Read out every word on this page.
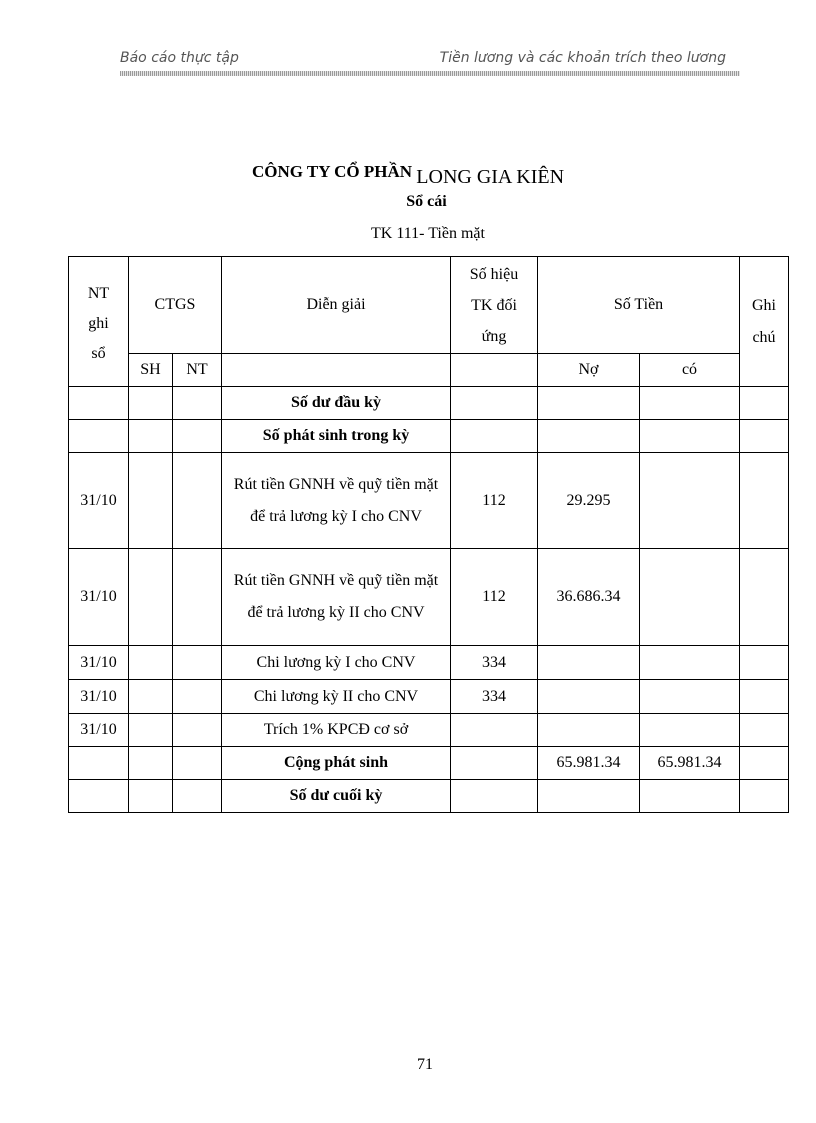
Báo cáo thực tập	Tiền lương và các khoản trích theo lương
CÔNG TY CỔ PHẦN LONG GIA KIÊN
Sổ cái
TK 111- Tiền mặt
NT ghi sổ	CTGS		Diễn giải	Số hiệu TK đối ứng	Số Tiền		Ghi chú

	SH	NT			Nợ	có	
			Số dư đầu kỳ				
			Số phát sinh trong kỳ				
31/10			Rút tiền GNNH về quỹ tiền mặt để trả lương kỳ I cho CNV	112	29.295		
31/10			Rút tiền GNNH về quỹ tiền mặt để trả lương kỳ II cho CNV	112	36.686.34		
31/10			Chi lương kỳ I cho CNV	334			
31/10			Chi lương kỳ II cho CNV	334			
31/10			Trích 1% KPCĐ cơ sở				
			Cộng phát sinh		65.981.34	65.981.34	
			Số dư cuối kỳ				
71
